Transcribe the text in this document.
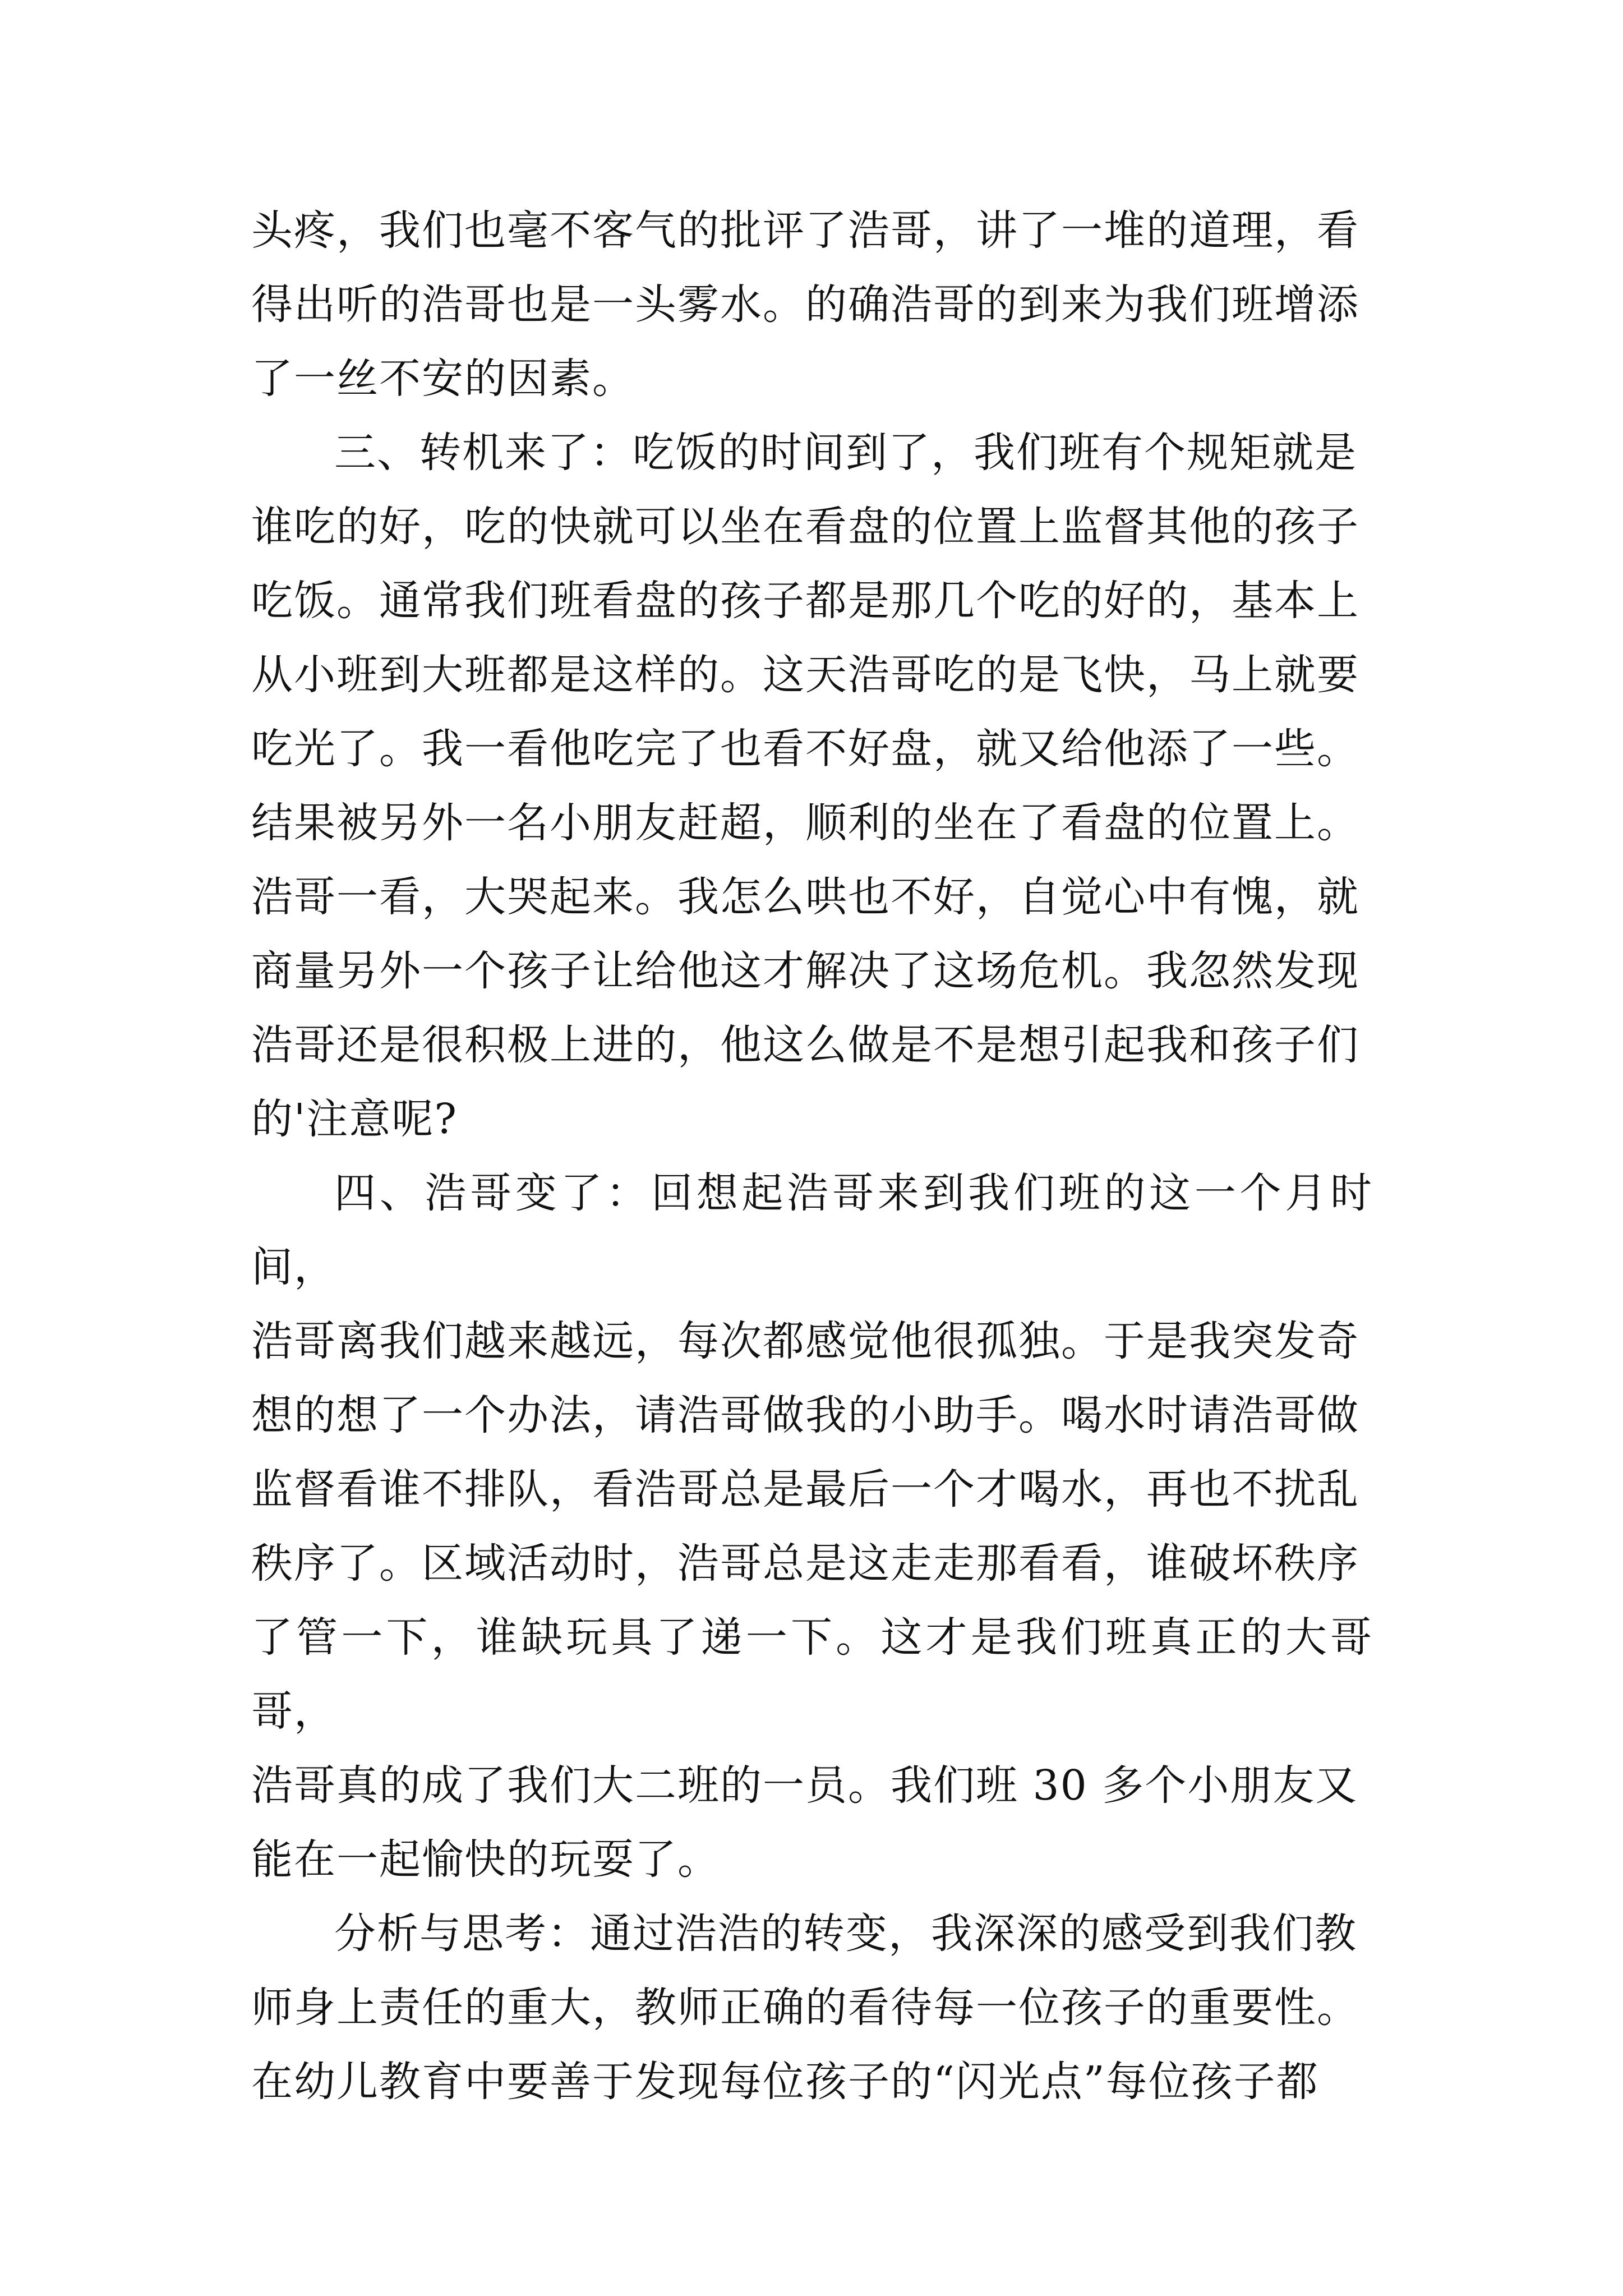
头疼，我们也毫不客气的批评了浩哥，讲了一堆的道理，看
得出听的浩哥也是一头雾水。的确浩哥的到来为我们班增添
了一丝不安的因素。

三、转机来了：吃饭的时间到了，我们班有个规矩就是
谁吃的好，吃的快就可以坐在看盘的位置上监督其他的孩子
吃饭。通常我们班看盘的孩子都是那几个吃的好的，基本上
从小班到大班都是这样的。这天浩哥吃的是飞快，马上就要
吃光了。我一看他吃完了也看不好盘，就又给他添了一些。
结果被另外一名小朋友赶超，顺利的坐在了看盘的位置上。
浩哥一看，大哭起来。我怎么哄也不好，自觉心中有愧，就
商量另外一个孩子让给他这才解决了这场危机。我忽然发现
浩哥还是很积极上进的，他这么做是不是想引起我和孩子们
的'注意呢?

四、浩哥变了：回想起浩哥来到我们班的这一个月时间，
浩哥离我们越来越远，每次都感觉他很孤独。于是我突发奇
想的想了一个办法，请浩哥做我的小助手。喝水时请浩哥做
监督看谁不排队，看浩哥总是最后一个才喝水，再也不扰乱
秩序了。区域活动时，浩哥总是这走走那看看，谁破坏秩序
了管一下，谁缺玩具了递一下。这才是我们班真正的大哥哥，
浩哥真的成了我们大二班的一员。我们班 30 多个小朋友又
能在一起愉快的玩耍了。

分析与思考：通过浩浩的转变，我深深的感受到我们教
师身上责任的重大，教师正确的看待每一位孩子的重要性。
在幼儿教育中要善于发现每位孩子的“闪光点”每位孩子都
